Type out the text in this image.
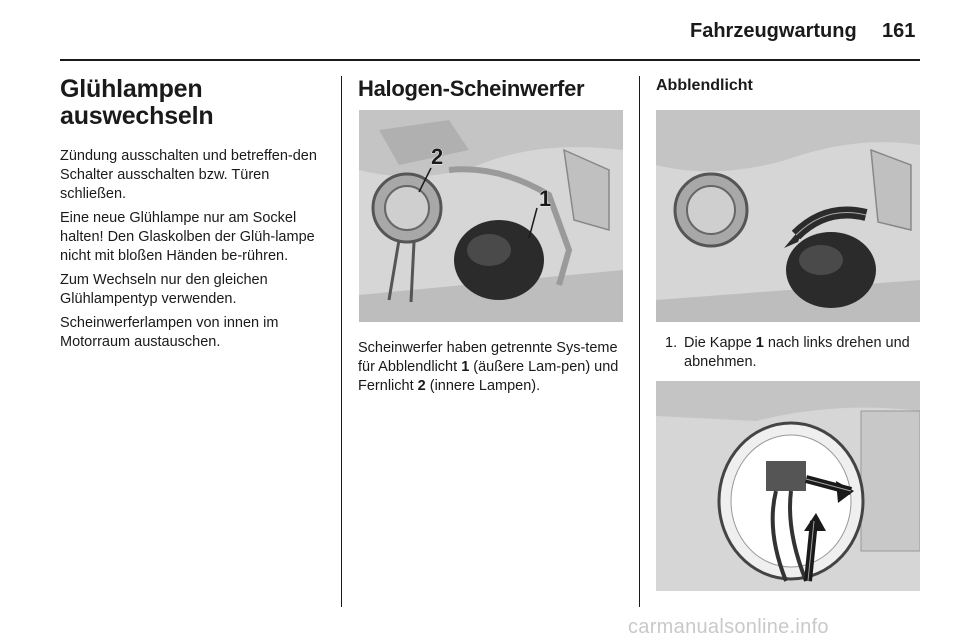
Fahrzeugwartung 161
Glühlampen
auswechseln

Zündung ausschalten und betreffen-den Schalter ausschalten bzw. Türen schließen.

Eine neue Glühlampe nur am Sockel halten! Den Glaskolben der Glüh-lampe nicht mit bloßen Händen be-rühren.

Zum Wechseln nur den gleichen Glühlampentyp verwenden.

Scheinwerferlampen von innen im Motorraum austauschen.

Halogen-Scheinwerfer
2
1

Scheinwerfer haben getrennte Sys-teme für Abblendlicht 1 (äußere Lam-pen) und Fernlicht 2 (innere Lampen).

Abblendlicht
1. Die Kappe 1 nach links drehen und abnehmen.
carmanualsonline.info
